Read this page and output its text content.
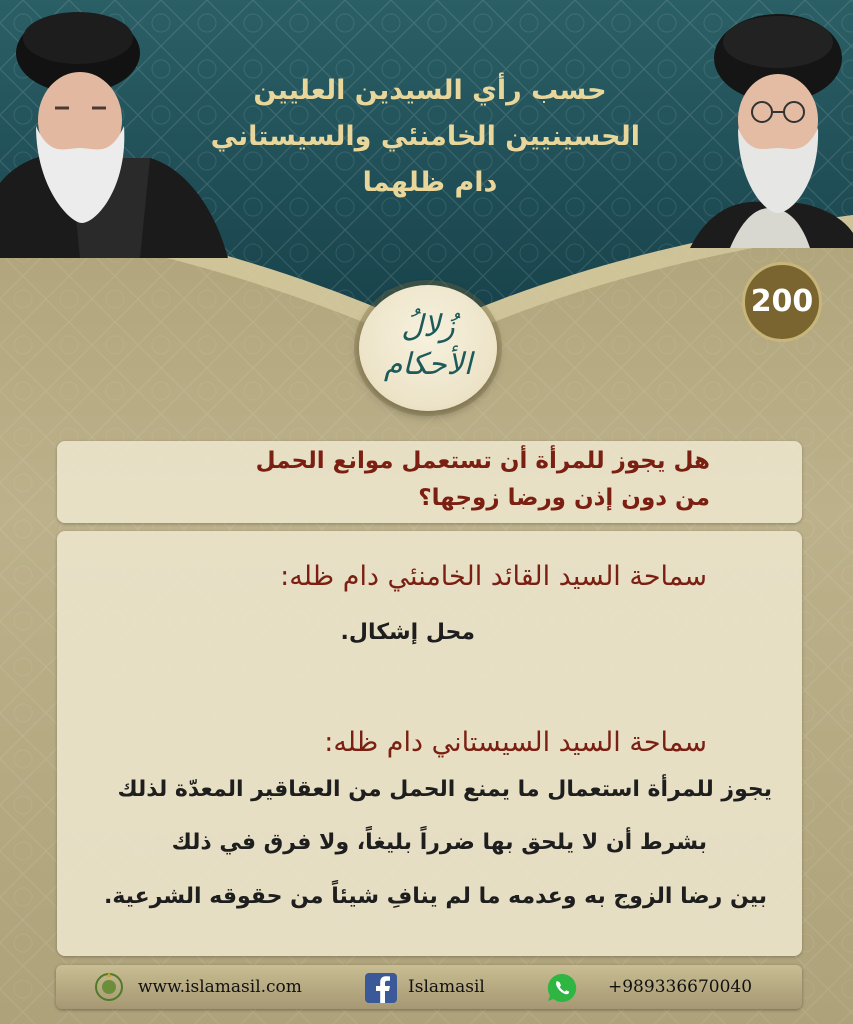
حسب رأي السيدين العليين
الحسينيين الخامنئي والسيستاني
دام ظلهما
200
زُلالُ
الأحكام
هل يجوز للمرأة أن تستعمل موانع الحمل
من دون إذن ورضا زوجها؟
سماحة السيد القائد الخامنئي دام ظله:
محل إشكال.
سماحة السيد السيستاني دام ظله:
يجوز للمرأة استعمال ما يمنع الحمل من العقاقير المعدّة لذلك
بشرط أن لا يلحق بها ضرراً بليغاً، ولا فرق في ذلك
بين رضا الزوج به وعدمه ما لم ينافِ شيئاً من حقوقه الشرعية.
www.islamasil.com	Islamasil	+989336670040
